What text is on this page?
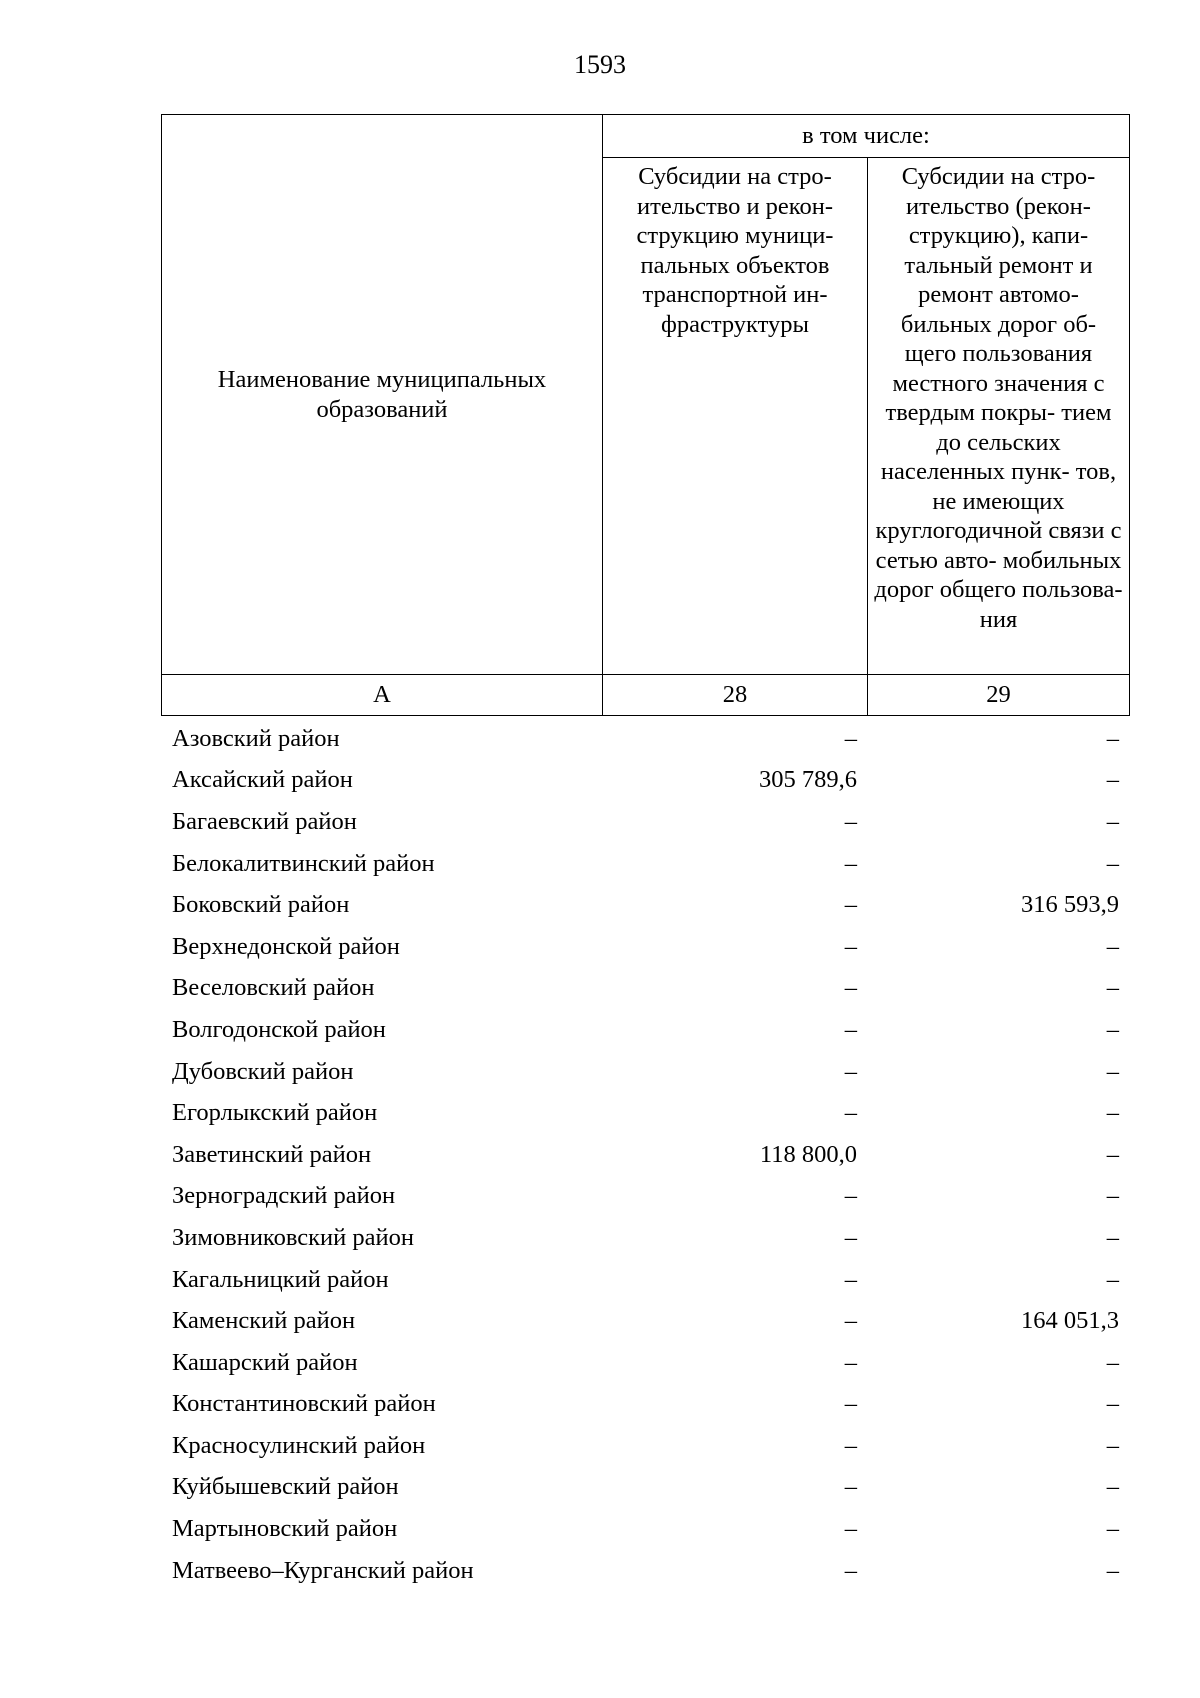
1593
Наименование муниципальных образований	в том числе:	
	Субсидии на стро- ительство и рекон- струкцию муници- пальных объектов транспортной ин- фраструктуры	Субсидии на стро- ительство (рекон- струкцию), капи- тальный ремонт и ремонт автомо- бильных дорог об- щего пользования местного значения с твердым покры- тием до сельских населенных пунк- тов, не имеющих круглогодичной связи с сетью авто- мобильных дорог общего пользова- ния
А	28	29
Азовский район	–	–
Аксайский район	305 789,6	–
Багаевский район	–	–
Белокалитвинский район	–	–
Боковский район	–	316 593,9
Верхнедонской район	–	–
Веселовский район	–	–
Волгодонской район	–	–
Дубовский район	–	–
Егорлыкский район	–	–
Заветинский район	118 800,0	–
Зерноградский район	–	–
Зимовниковский район	–	–
Кагальницкий район	–	–
Каменский район	–	164 051,3
Кашарский район	–	–
Константиновский район	–	–
Красносулинский район	–	–
Куйбышевский район	–	–
Мартыновский район	–	–
Матвеево–Курганский район	–	–
